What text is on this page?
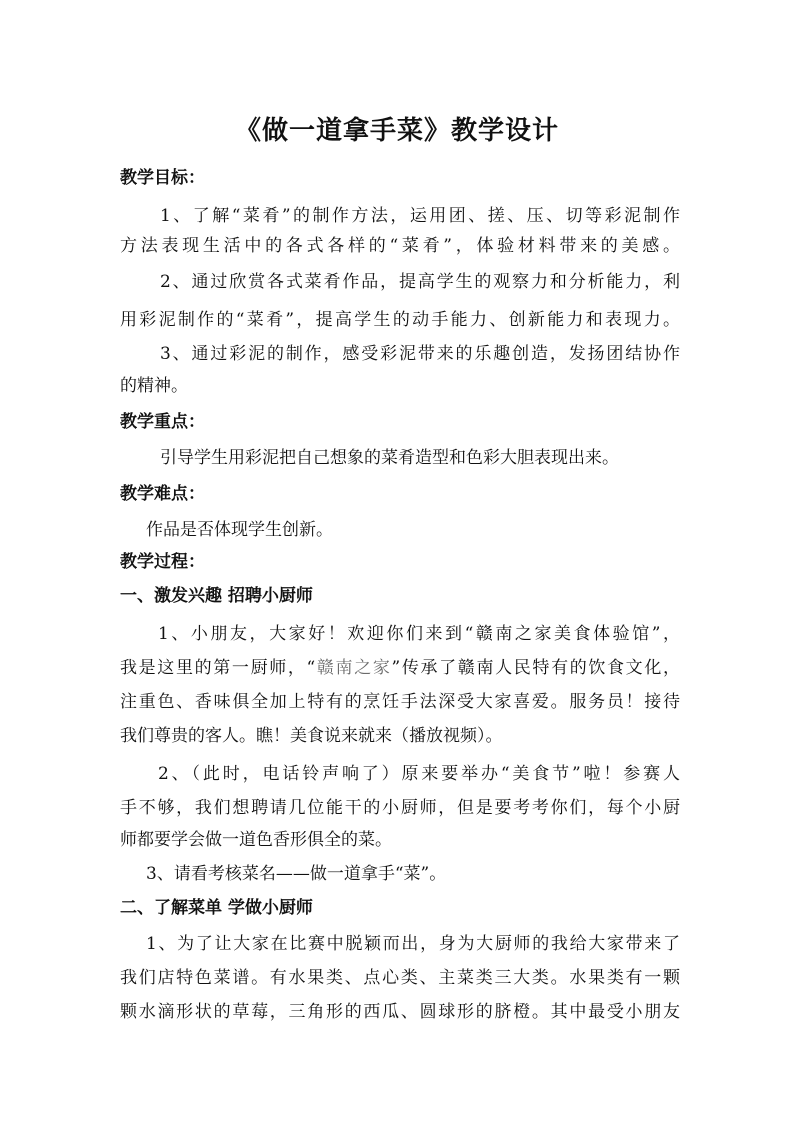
《做一道拿手菜》教学设计
教学目标：
1、了解“菜肴”的制作方法，运用团、搓、压、切等彩泥制作
方法表现生活中的各式各样的“菜肴”，体验材料带来的美感。
2、通过欣赏各式菜肴作品，提高学生的观察力和分析能力，利
用彩泥制作的“菜肴”，提高学生的动手能力、创新能力和表现力。
3、通过彩泥的制作，感受彩泥带来的乐趣创造，发扬团结协作
的精神。
教学重点：
引导学生用彩泥把自己想象的菜肴造型和色彩大胆表现出来。
教学难点：
作品是否体现学生创新。
教学过程：
一、激发兴趣 招聘小厨师
1、小朋友，大家好！欢迎你们来到“赣南之家美食体验馆”，
我是这里的第一厨师，“赣南之家”传承了赣南人民特有的饮食文化，
注重色、香味俱全加上特有的烹饪手法深受大家喜爱。服务员！接待
我们尊贵的客人。瞧！美食说来就来（播放视频）。
2、（此时，电话铃声响了）原来要举办“美食节”啦！参赛人
手不够，我们想聘请几位能干的小厨师，但是要考考你们，每个小厨
师都要学会做一道色香形俱全的菜。
3、请看考核菜名——做一道拿手“菜”。
二、了解菜单 学做小厨师
1、为了让大家在比赛中脱颖而出，身为大厨师的我给大家带来了
我们店特色菜谱。有水果类、点心类、主菜类三大类。水果类有一颗
颗水滴形状的草莓，三角形的西瓜、圆球形的脐橙。其中最受小朋友
